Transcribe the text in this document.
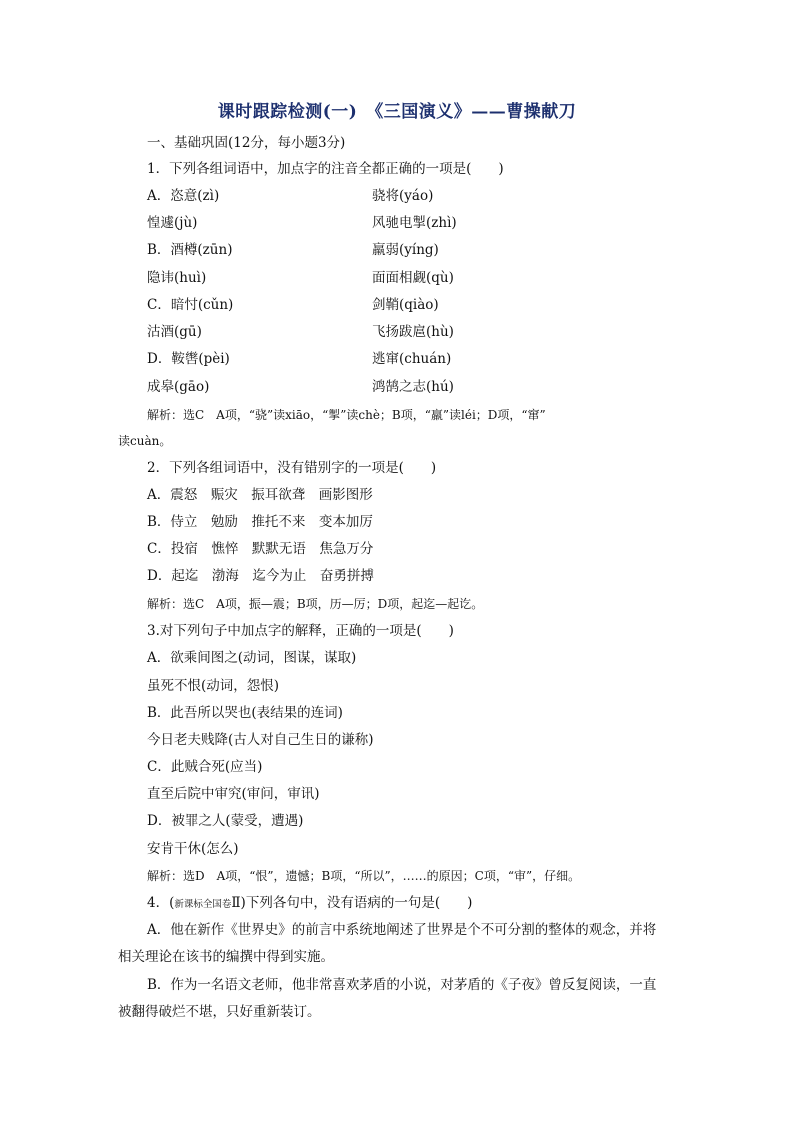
课时跟踪检测(一)　《三国演义》——曹操献刀
一、基础巩固(12分，每小题3分)
1．下列各组词语中，加点字的注音全都正确的一项是(　　)
A．恣意(zì)	骁将(yáo)
惶遽(jù)	风驰电掣(zhì)
B．酒樽(zūn)	羸弱(yíng)
隐讳(huì)	面面相觑(qù)
C．暗忖(cǔn)	剑鞘(qiào)
沽酒(gū)	飞扬跋扈(hù)
D．鞍辔(pèi)	逃窜(chuán)
成皋(gāo)	鸿鹄之志(hú)
解析：选C　A项，“骁”读xiāo，“掣”读chè；B项，“羸”读léi；D项，“窜”
读cuàn。
2．下列各组词语中，没有错别字的一项是(　　)
A．震怒　赈灾　振耳欲聋　画影图形
B．侍立　勉励　推托不来　变本加厉
C．投宿　憔悴　默默无语　焦急万分
D．起迄　渤海　迄今为止　奋勇拼搏
解析：选C　A项，振—震；B项，历—厉；D项，起迄—起讫。
3.对下列句子中加点字的解释，正确的一项是(　　)
A．欲乘间图之(动词，图谋，谋取)
虽死不恨(动词，怨恨)
B．此吾所以哭也(表结果的连词)
今日老夫贱降(古人对自己生日的谦称)
C．此贼合死(应当)
直至后院中审究(审问，审讯)
D．被罪之人(蒙受，遭遇)
安肯干休(怎么)
解析：选D　A项，“恨”，遗憾；B项，“所以”，……的原因；C项，“审”，仔细。
4．(新课标全国卷Ⅱ)下列各句中，没有语病的一句是(　　)
A．他在新作《世界史》的前言中系统地阐述了世界是个不可分割的整体的观念，并将
相关理论在该书的编撰中得到实施。
B．作为一名语文老师，他非常喜欢茅盾的小说，对茅盾的《子夜》曾反复阅读，一直
被翻得破烂不堪，只好重新装订。
